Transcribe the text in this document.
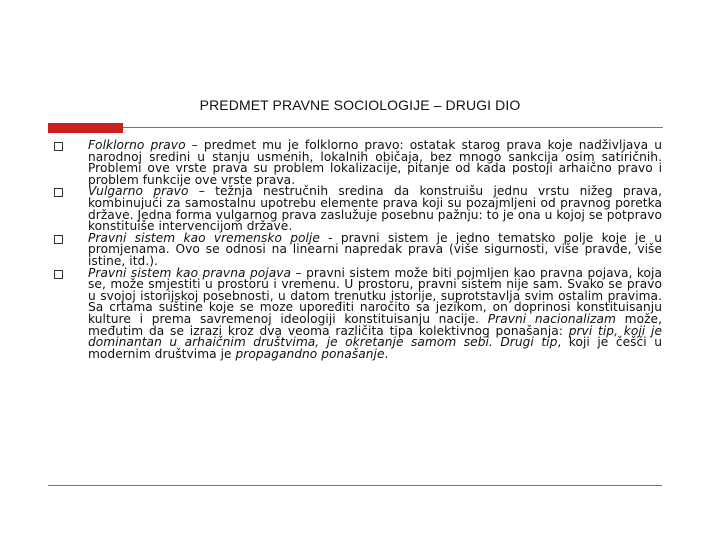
PREDMET PRAVNE SOCIOLOGIJE – DRUGI DIO
Folklorno pravo – predmet mu je folklorno pravo: ostatak starog prava koje nadživljava u narodnoj sredini u stanju usmenih, lokalnih običaja, bez mnogo sankcija osim satiričnih. Problemi ove vrste prava su problem lokalizacije, pitanje od kada postoji arhaično pravo i problem funkcije ove vrste prava.
Vulgarno pravo – težnja nestručnih sredina da konstruišu jednu vrstu nižeg prava, kombinujući za samostalnu upotrebu elemente prava koji su pozajmljeni od pravnog poretka države. Jedna forma vulgarnog prava zaslužuje posebnu pažnju: to je ona u kojoj se potpravo konstituiše intervencijom države.
Pravni sistem kao vremensko polje - pravni sistem je jedno tematsko polje koje je u promjenama. Ovo se odnosi na linearni napredak prava (više sigurnosti, više pravde, više istine, itd.).
Pravni sistem kao pravna pojava – pravni sistem može biti pojmljen kao pravna pojava, koja se, može smjestiti u prostoru i vremenu. U prostoru, pravni sistem nije sam. Svako se pravo u svojoj istorijskoj posebnosti, u datom trenutku istorije, suprotstavlja svim ostalim pravima. Sa crtama suštine koje se moze upoređiti naročito sa jezikom, on doprinosi konstituisanju kulture i prema savremenoj ideologiji konstituisanju nacije. Pravni nacionalizam može, međutim da se izrazi kroz dva veoma različita tipa kolektivnog ponašanja: prvi tip, koji je dominantan u arhaičnim društvima, je okretanje samom sebi. Drugi tip, koji je češći u modernim društvima je propagandno ponašanje.
